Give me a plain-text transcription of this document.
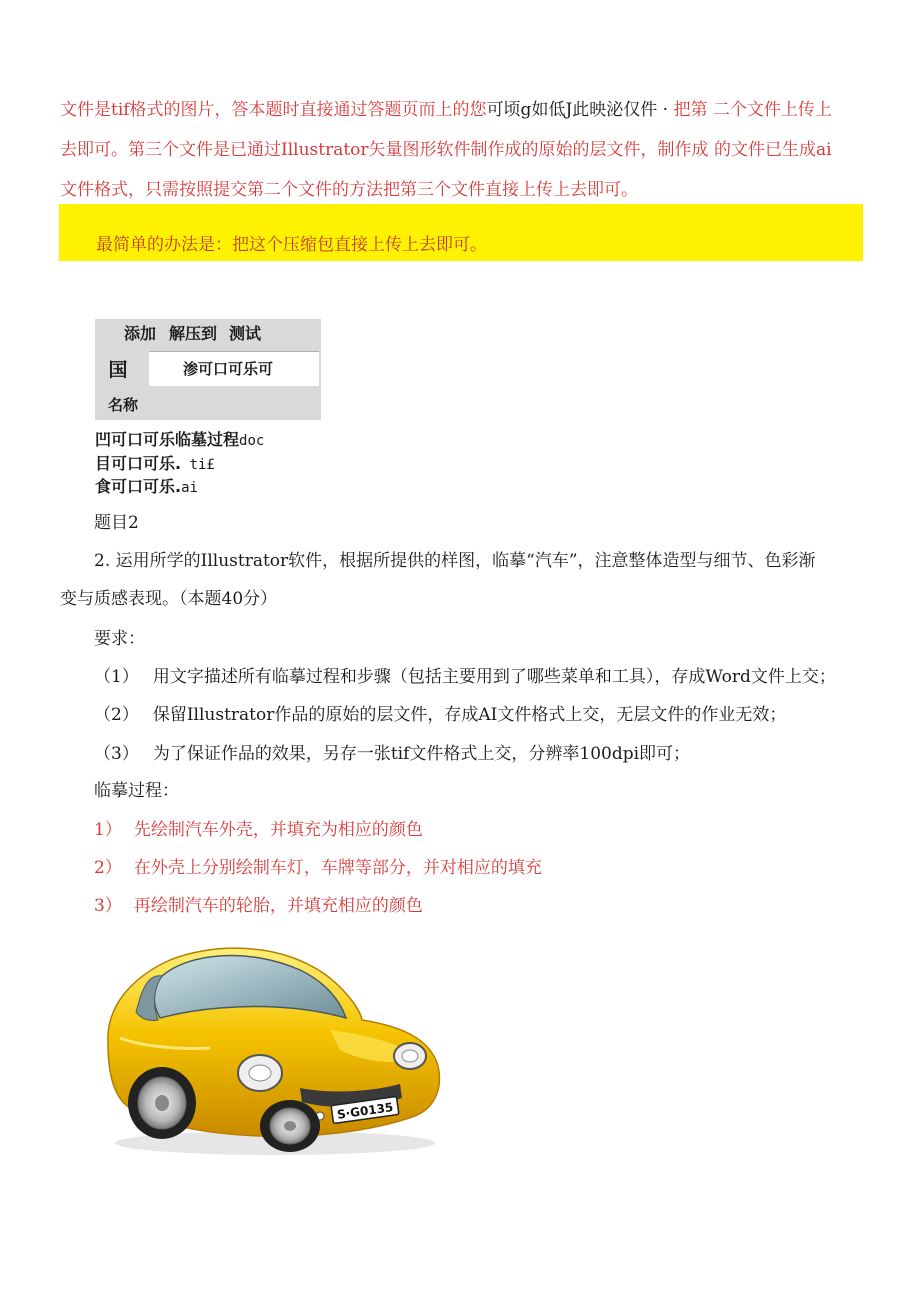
文件是tif格式的图片，答本题时直接通过答题页而上的您可顷g如低J此映泌仅件 · 把第 二个文件上传上
去即可。第三个文件是已通过Illustrator矢量图形软件制作成的原始的层文件，制作成 的文件已生成ai
文件格式，只需按照提交第二个文件的方法把第三个文件直接上传上去即可。
最简单的办法是：把这个压缩包直接上传上去即可。
添加 解压到 测试
国	渗可口可乐可
名称
凹可口可乐临墓过程doc
目可口可乐. ti£
食可口可乐.ai
题目2
2. 运用所学的Illustrator软件，根据所提供的样图，临摹“汽车”，注意整体造型与细节、色彩渐
变与质感表现。（本题40分）
要求：
（1） 用文字描述所有临摹过程和步骤（包括主要用到了哪些菜单和工具），存成Word文件上交；
（2） 保留Illustrator作品的原始的层文件，存成AI文件格式上交，无层文件的作业无效；
（3） 为了保证作品的效果，另存一张tif文件格式上交，分辨率100dpi即可；
临摹过程：
1） 先绘制汽车外壳，并填充为相应的颜色
2） 在外壳上分别绘制车灯，车牌等部分，并对相应的填充
3） 再绘制汽车的轮胎，并填充相应的颜色
S·G0135
